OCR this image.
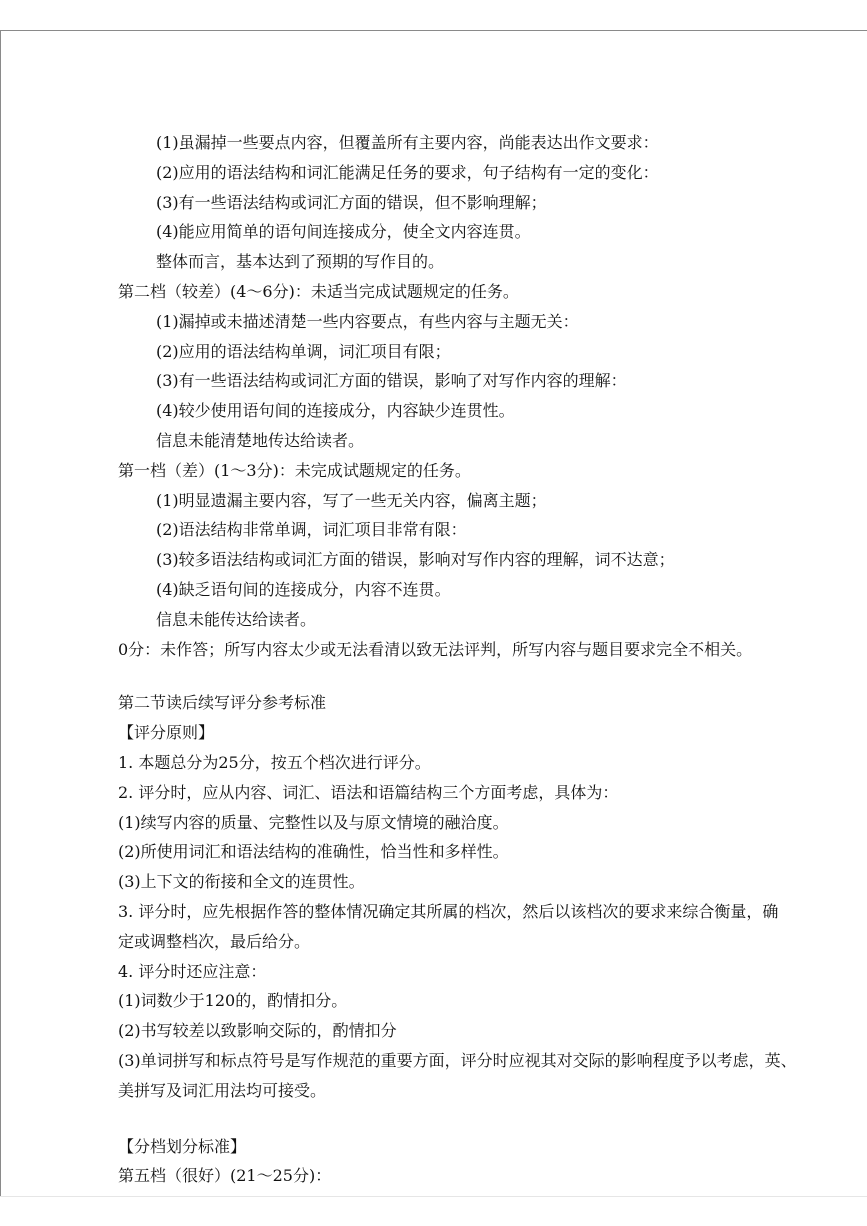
(1)虽漏掉一些要点内容，但覆盖所有主要内容，尚能表达出作文要求：
(2)应用的语法结构和词汇能满足任务的要求，句子结构有一定的变化：
(3)有一些语法结构或词汇方面的错误，但不影响理解；
(4)能应用简单的语句间连接成分，使全文内容连贯。
整体而言，基本达到了预期的写作目的。
第二档（较差）(4～6分)：未适当完成试题规定的任务。
(1)漏掉或未描述清楚一些内容要点，有些内容与主题无关：
(2)应用的语法结构单调，词汇项目有限；
(3)有一些语法结构或词汇方面的错误，影响了对写作内容的理解：
(4)较少使用语句间的连接成分，内容缺少连贯性。
信息未能清楚地传达给读者。
第一档（差）(1～3分)：未完成试题规定的任务。
(1)明显遗漏主要内容，写了一些无关内容，偏离主题；
(2)语法结构非常单调，词汇项目非常有限：
(3)较多语法结构或词汇方面的错误，影响对写作内容的理解，词不达意；
(4)缺乏语句间的连接成分，内容不连贯。
信息未能传达给读者。
0分：未作答；所写内容太少或无法看清以致无法评判，所写内容与题目要求完全不相关。
第二节读后续写评分参考标准
【评分原则】
1. 本题总分为25分，按五个档次进行评分。
2. 评分时，应从内容、词汇、语法和语篇结构三个方面考虑，具体为：
(1)续写内容的质量、完整性以及与原文情境的融洽度。
(2)所使用词汇和语法结构的准确性，恰当性和多样性。
(3)上下文的衔接和全文的连贯性。
3. 评分时，应先根据作答的整体情况确定其所属的档次，然后以该档次的要求来综合衡量，确
定或调整档次，最后给分。
4. 评分时还应注意：
(1)词数少于120的，酌情扣分。
(2)书写较差以致影响交际的，酌情扣分
(3)单词拼写和标点符号是写作规范的重要方面，评分时应视其对交际的影响程度予以考虑，英、
美拼写及词汇用法均可接受。
【分档划分标准】
第五档（很好）(21～25分)：
